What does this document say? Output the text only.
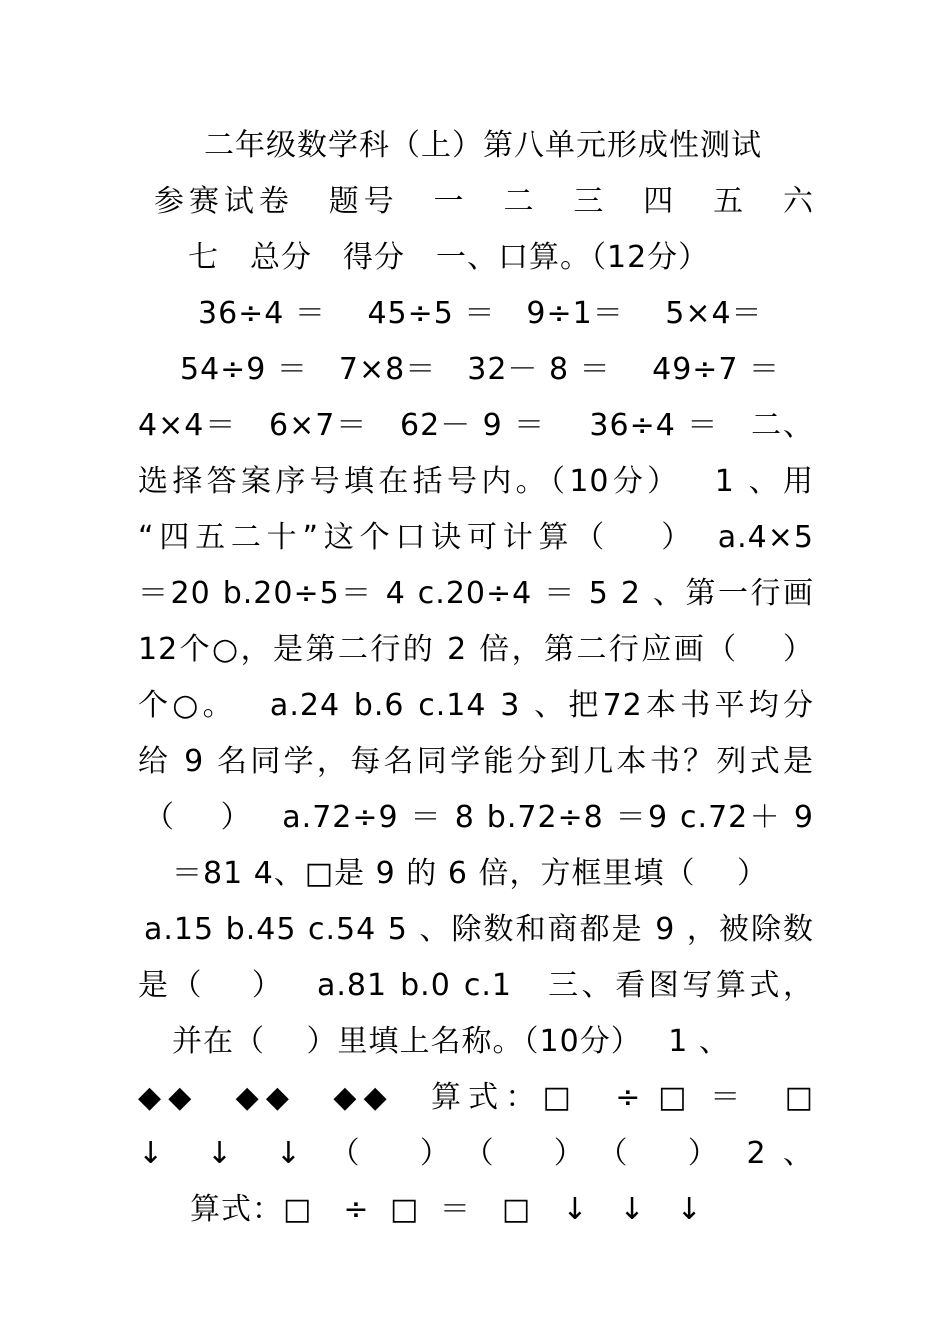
二年级数学科（上）第八单元形成性测试
参赛试卷　题号　一　二　三　四　五　六
七　总分　得分　一、口算。（12分）
36÷4 ＝　 45÷5 ＝　9÷1＝　 5×4＝
54÷9 ＝　7×8＝　32－ 8 ＝　 49÷7 ＝
4×4＝　6×7＝　62－ 9 ＝　 36÷4 ＝　二、
选择答案序号填在括号内。（10分）　 1 、用
“四五二十”这个口诀可计算（　 ）　a.4×5
＝20 b.20÷5＝ 4 c.20÷4 ＝ 5 2 、第一行画
12个○，是第二行的 2 倍，第二行应画（　 ）
个○。　 a.24 b.6 c.14 3 、把72本书平均分
给 9 名同学，每名同学能分到几本书？列式是
（　 ）　 a.72÷9 ＝ 8 b.72÷8 ＝9 c.72＋ 9
＝81 4、□是 9 的 6 倍，方框里填（　 ）
a.15 b.45 c.54 5 、除数和商都是 9 ，被除数
是（　 ）　 a.81 b.0 c.1　三、看图写算式，
并在（　 ）里填上名称。（10分）　 1 、
◆◆　◆◆　◆◆　算式：□　÷ □ ＝　□
↓　↓　↓　（　 ）　（　 ）　（　 ）　2 、
算式：□　÷ □ ＝　□　↓　↓　↓
